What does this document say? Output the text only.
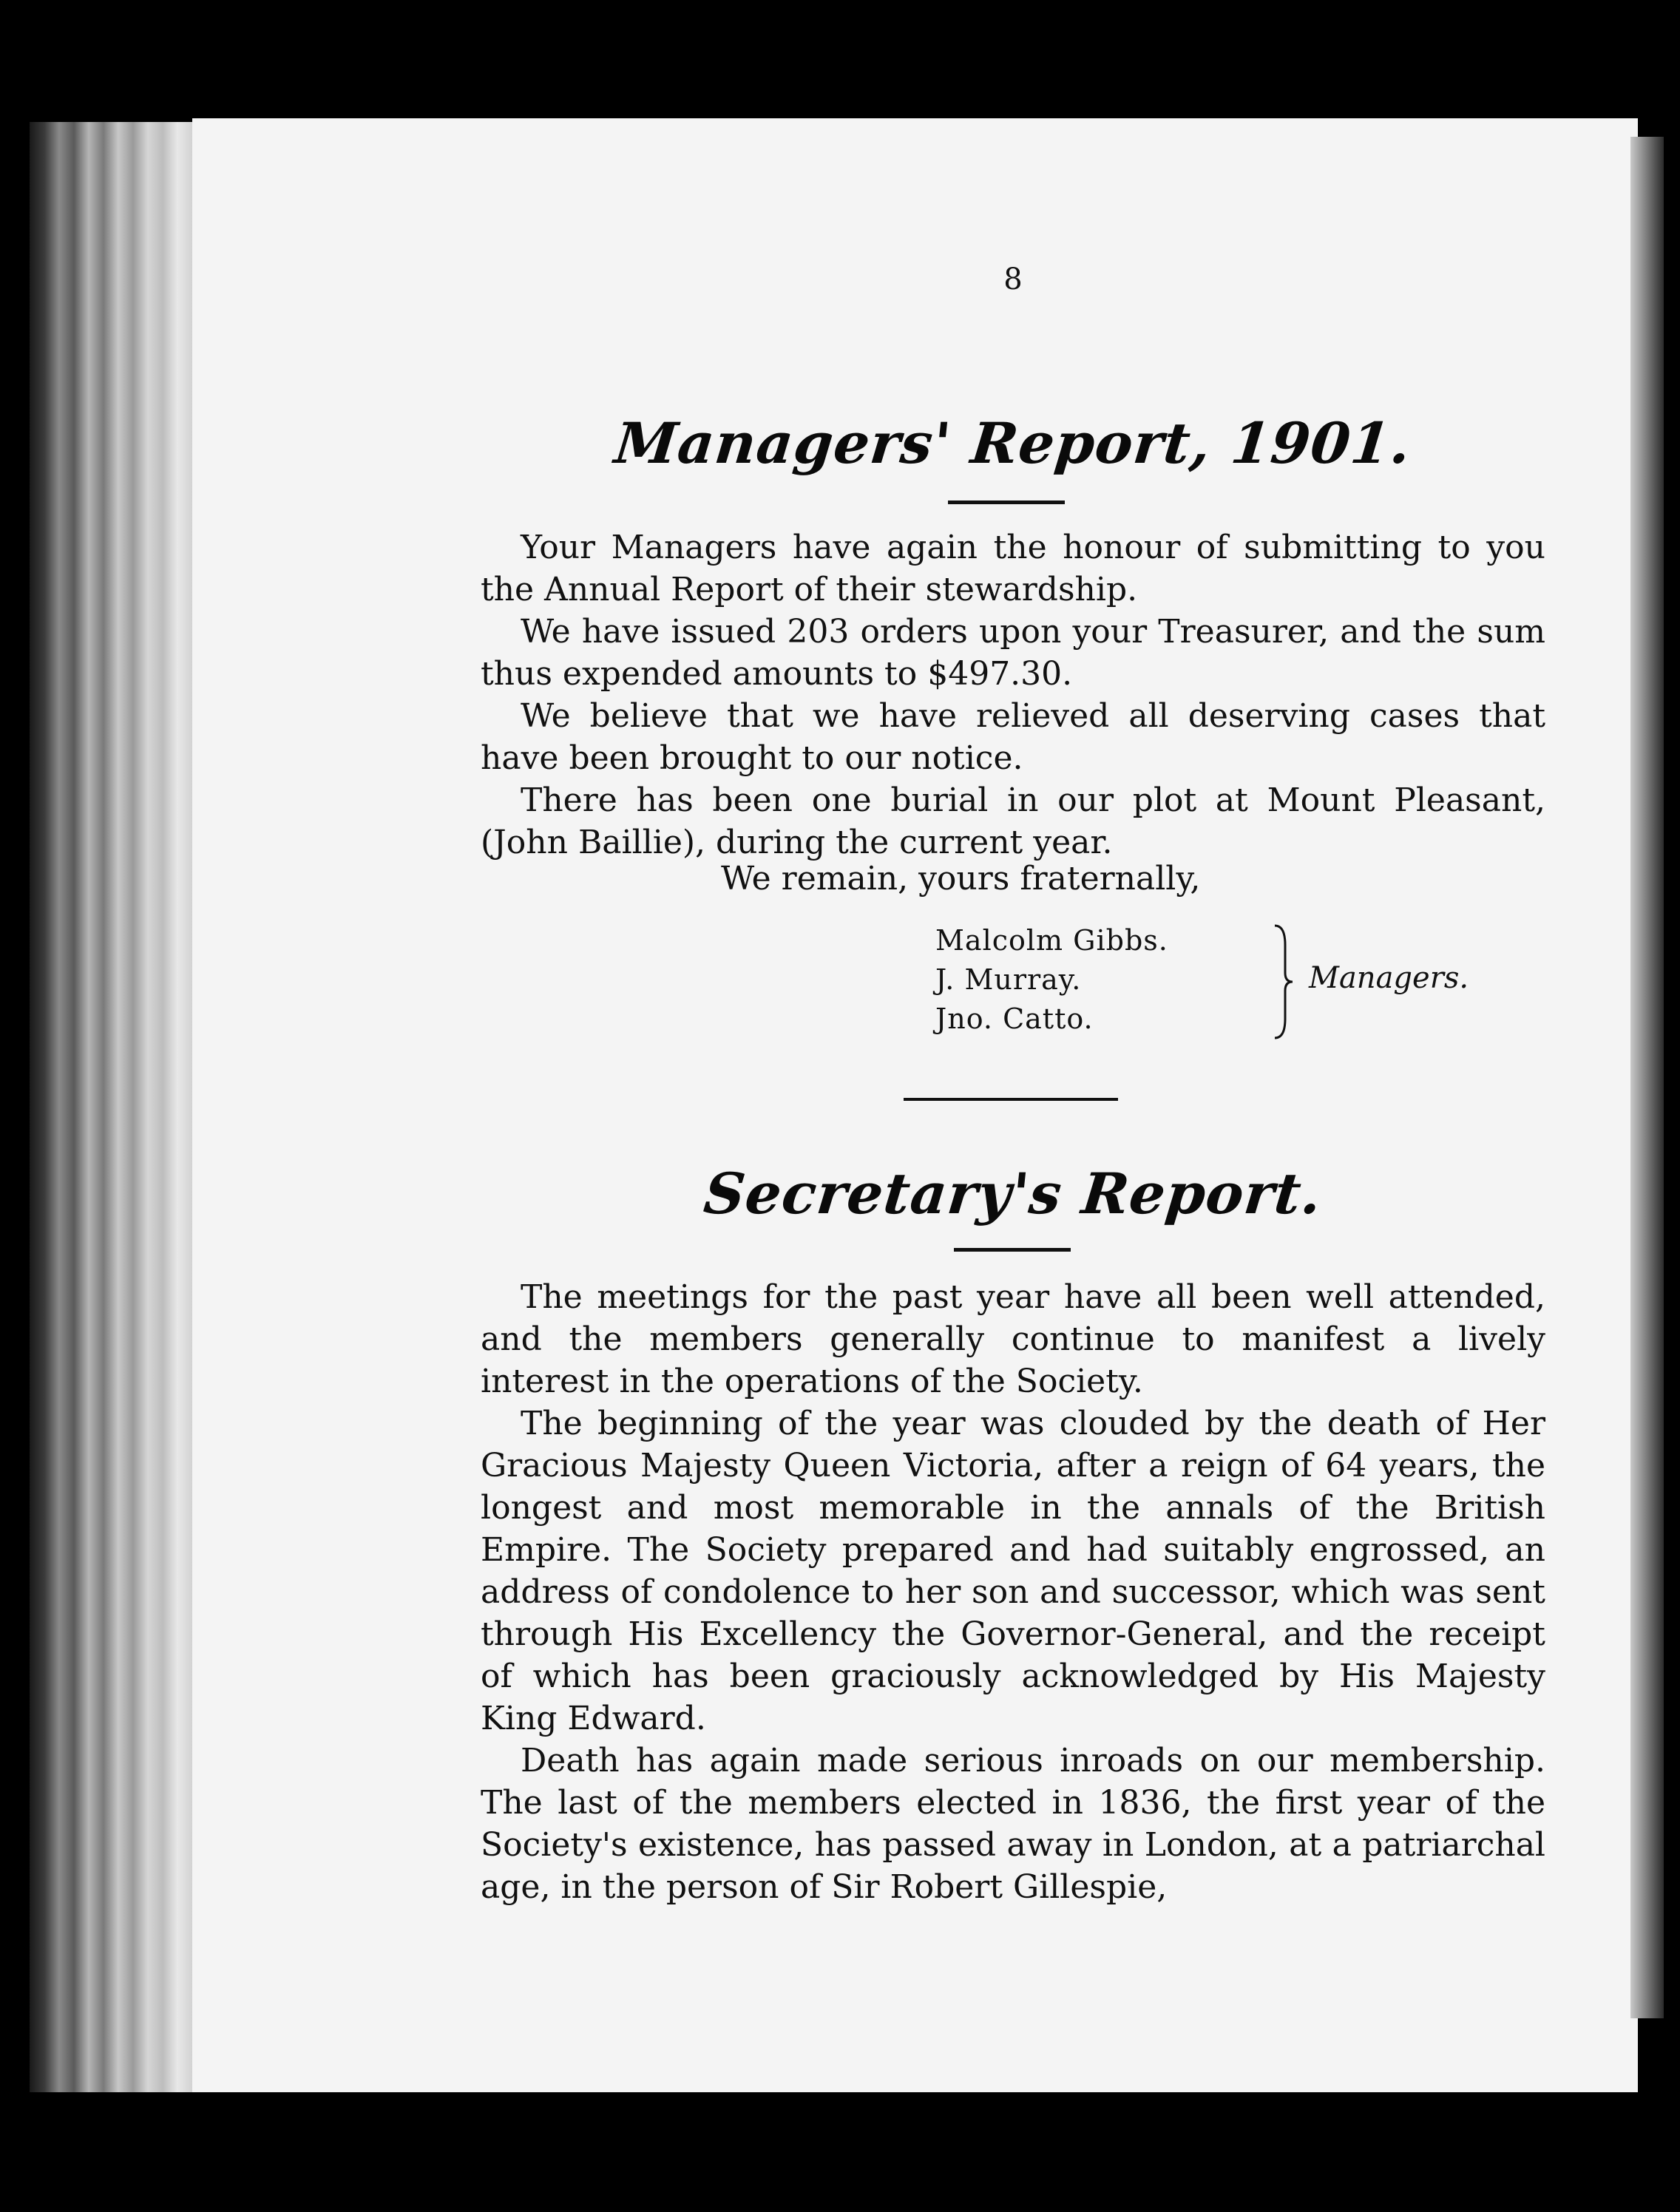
8
Managers' Report, 1901.

Your Managers have again the honour of submitting to you the Annual Report of their stewardship.

We have issued 203 orders upon your Treasurer, and the sum thus expended amounts to $497.30.

We believe that we have relieved all deserving cases that have been brought to our notice.

There has been one burial in our plot at Mount Pleasant, (John Baillie), during the current year.

We remain, yours fraternally,
Malcolm Gibbs.
J. Murray.
Jno. Catto.
Managers.
Secretary's Report.

The meetings for the past year have all been well attended, and the members generally continue to manifest a lively interest in the operations of the Society.

The beginning of the year was clouded by the death of Her Gracious Majesty Queen Victoria, after a reign of 64 years, the longest and most memorable in the annals of the British Empire. The Society prepared and had suitably engrossed, an address of condolence to her son and successor, which was sent through His Excellency the Governor-General, and the receipt of which has been graciously acknowledged by His Majesty King Edward.

Death has again made serious inroads on our membership. The last of the members elected in 1836, the first year of the Society's existence, has passed away in London, at a patriarchal age, in the person of Sir Robert Gillespie,
